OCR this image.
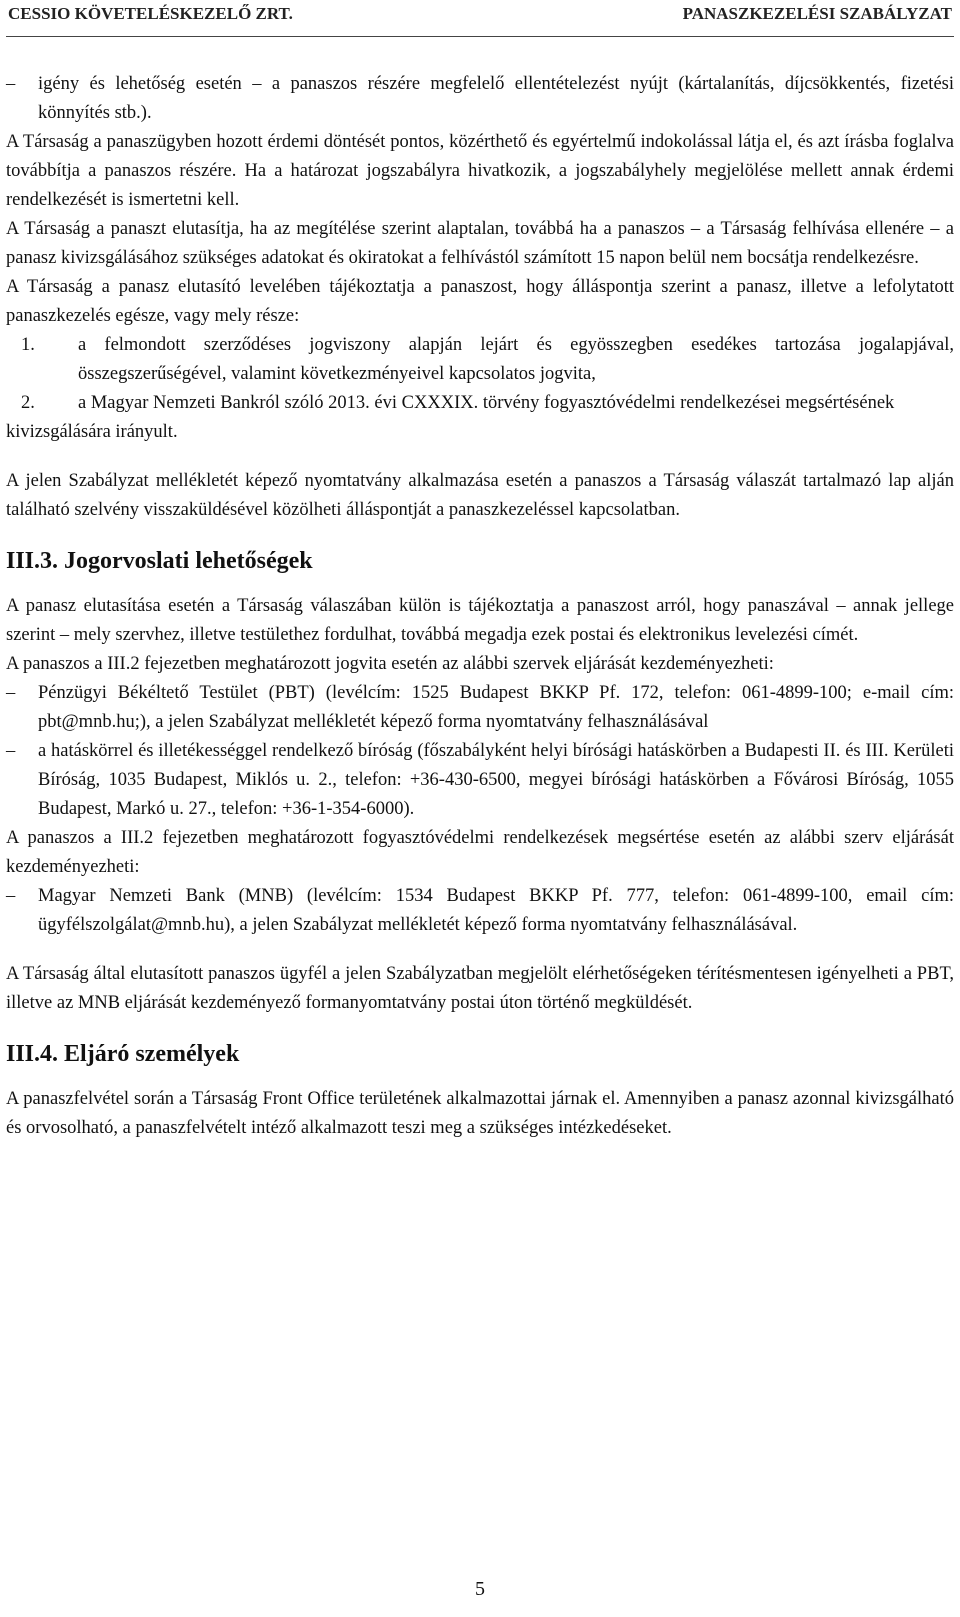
CESSIO KÖVETELÉSKEZELŐ ZRT.	PANASZKEZELÉSI SZABÁLYZAT

– igény és lehetőség esetén – a panaszos részére megfelelő ellentételezést nyújt (kártalanítás, díjcsökkentés, fizetési könnyítés stb.).

A Társaság a panaszügyben hozott érdemi döntését pontos, közérthető és egyértelmű indokolással látja el, és azt írásba foglalva továbbítja a panaszos részére. Ha a határozat jogszabályra hivatkozik, a jogszabályhely megjelölése mellett annak érdemi rendelkezését is ismertetni kell.

A Társaság a panaszt elutasítja, ha az megítélése szerint alaptalan, továbbá ha a panaszos – a Társaság felhívása ellenére – a panasz kivizsgálásához szükséges adatokat és okiratokat a felhívástól számított 15 napon belül nem bocsátja rendelkezésre.

A Társaság a panasz elutasító levelében tájékoztatja a panaszost, hogy álláspontja szerint a panasz, illetve a lefolytatott panaszkezelés egésze, vagy mely része:

1. a felmondott szerződéses jogviszony alapján lejárt és egyösszegben esedékes tartozása jogalapjával, összegszerűségével, valamint következményeivel kapcsolatos jogvita,

2. a Magyar Nemzeti Bankról szóló 2013. évi CXXXIX. törvény fogyasztóvédelmi rendelkezései megsértésének

kivizsgálására irányult.

A jelen Szabályzat mellékletét képező nyomtatvány alkalmazása esetén a panaszos a Társaság válaszát tartalmazó lap alján található szelvény visszaküldésével közölheti álláspontját a panaszkezeléssel kapcsolatban.

III.3. Jogorvoslati lehetőségek

A panasz elutasítása esetén a Társaság válaszában külön is tájékoztatja a panaszost arról, hogy panaszával – annak jellege szerint – mely szervhez, illetve testülethez fordulhat, továbbá megadja ezek postai és elektronikus levelezési címét.

A panaszos a III.2 fejezetben meghatározott jogvita esetén az alábbi szervek eljárását kezdeményezheti:

– Pénzügyi Békéltető Testület (PBT) (levélcím: 1525 Budapest BKKP Pf. 172, telefon: 061-4899-100; e-mail cím: pbt@mnb.hu;), a jelen Szabályzat mellékletét képező forma nyomtatvány felhasználásával

– a hatáskörrel és illetékességgel rendelkező bíróság (főszabályként helyi bírósági hatáskörben a Budapesti II. és III. Kerületi Bíróság, 1035 Budapest, Miklós u. 2., telefon: +36-430-6500, megyei bírósági hatáskörben a Fővárosi Bíróság, 1055 Budapest, Markó u. 27., telefon: +36-1-354-6000).

A panaszos a III.2 fejezetben meghatározott fogyasztóvédelmi rendelkezések megsértése esetén az alábbi szerv eljárását kezdeményezheti:

– Magyar Nemzeti Bank (MNB) (levélcím: 1534 Budapest BKKP Pf. 777, telefon: 061-4899-100, email cím: ügyfélszolgálat@mnb.hu), a jelen Szabályzat mellékletét képező forma nyomtatvány felhasználásával.

A Társaság által elutasított panaszos ügyfél a jelen Szabályzatban megjelölt elérhetőségeken térítésmentesen igényelheti a PBT, illetve az MNB eljárását kezdeményező formanyomtatvány postai úton történő megküldését.

III.4. Eljáró személyek

A panaszfelvétel során a Társaság Front Office területének alkalmazottai járnak el. Amennyiben a panasz azonnal kivizsgálható és orvosolható, a panaszfelvételt intéző alkalmazott teszi meg a szükséges intézkedéseket.

5
